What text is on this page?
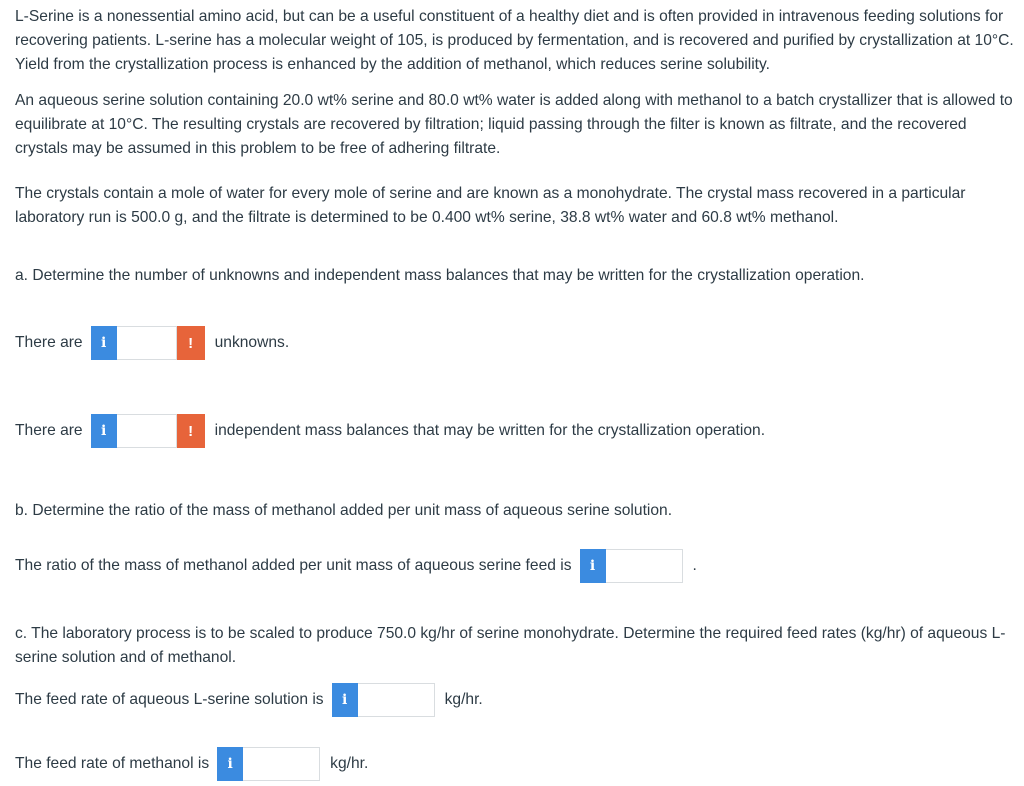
L-Serine is a nonessential amino acid, but can be a useful constituent of a healthy diet and is often provided in intravenous feeding solutions for recovering patients. L-serine has a molecular weight of 105, is produced by fermentation, and is recovered and purified by crystallization at 10°C. Yield from the crystallization process is enhanced by the addition of methanol, which reduces serine solubility.

An aqueous serine solution containing 20.0 wt% serine and 80.0 wt% water is added along with methanol to a batch crystallizer that is allowed to equilibrate at 10°C. The resulting crystals are recovered by filtration; liquid passing through the filter is known as filtrate, and the recovered crystals may be assumed in this problem to be free of adhering filtrate.

The crystals contain a mole of water for every mole of serine and are known as a monohydrate. The crystal mass recovered in a particular laboratory run is 500.0 g, and the filtrate is determined to be 0.400 wt% serine, 38.8 wt% water and 60.8 wt% methanol.

a. Determine the number of unknowns and independent mass balances that may be written for the crystallization operation.

There are	i	!	unknowns.
There are	i	!	independent mass balances that may be written for the crystallization operation.

b. Determine the ratio of the mass of methanol added per unit mass of aqueous serine solution.

The ratio of the mass of methanol added per unit mass of aqueous serine feed is	i	.

c. The laboratory process is to be scaled to produce 750.0 kg/hr of serine monohydrate. Determine the required feed rates (kg/hr) of aqueous L-serine solution and of methanol.

The feed rate of aqueous L-serine solution is	i	kg/hr.
The feed rate of methanol is	i	kg/hr.
